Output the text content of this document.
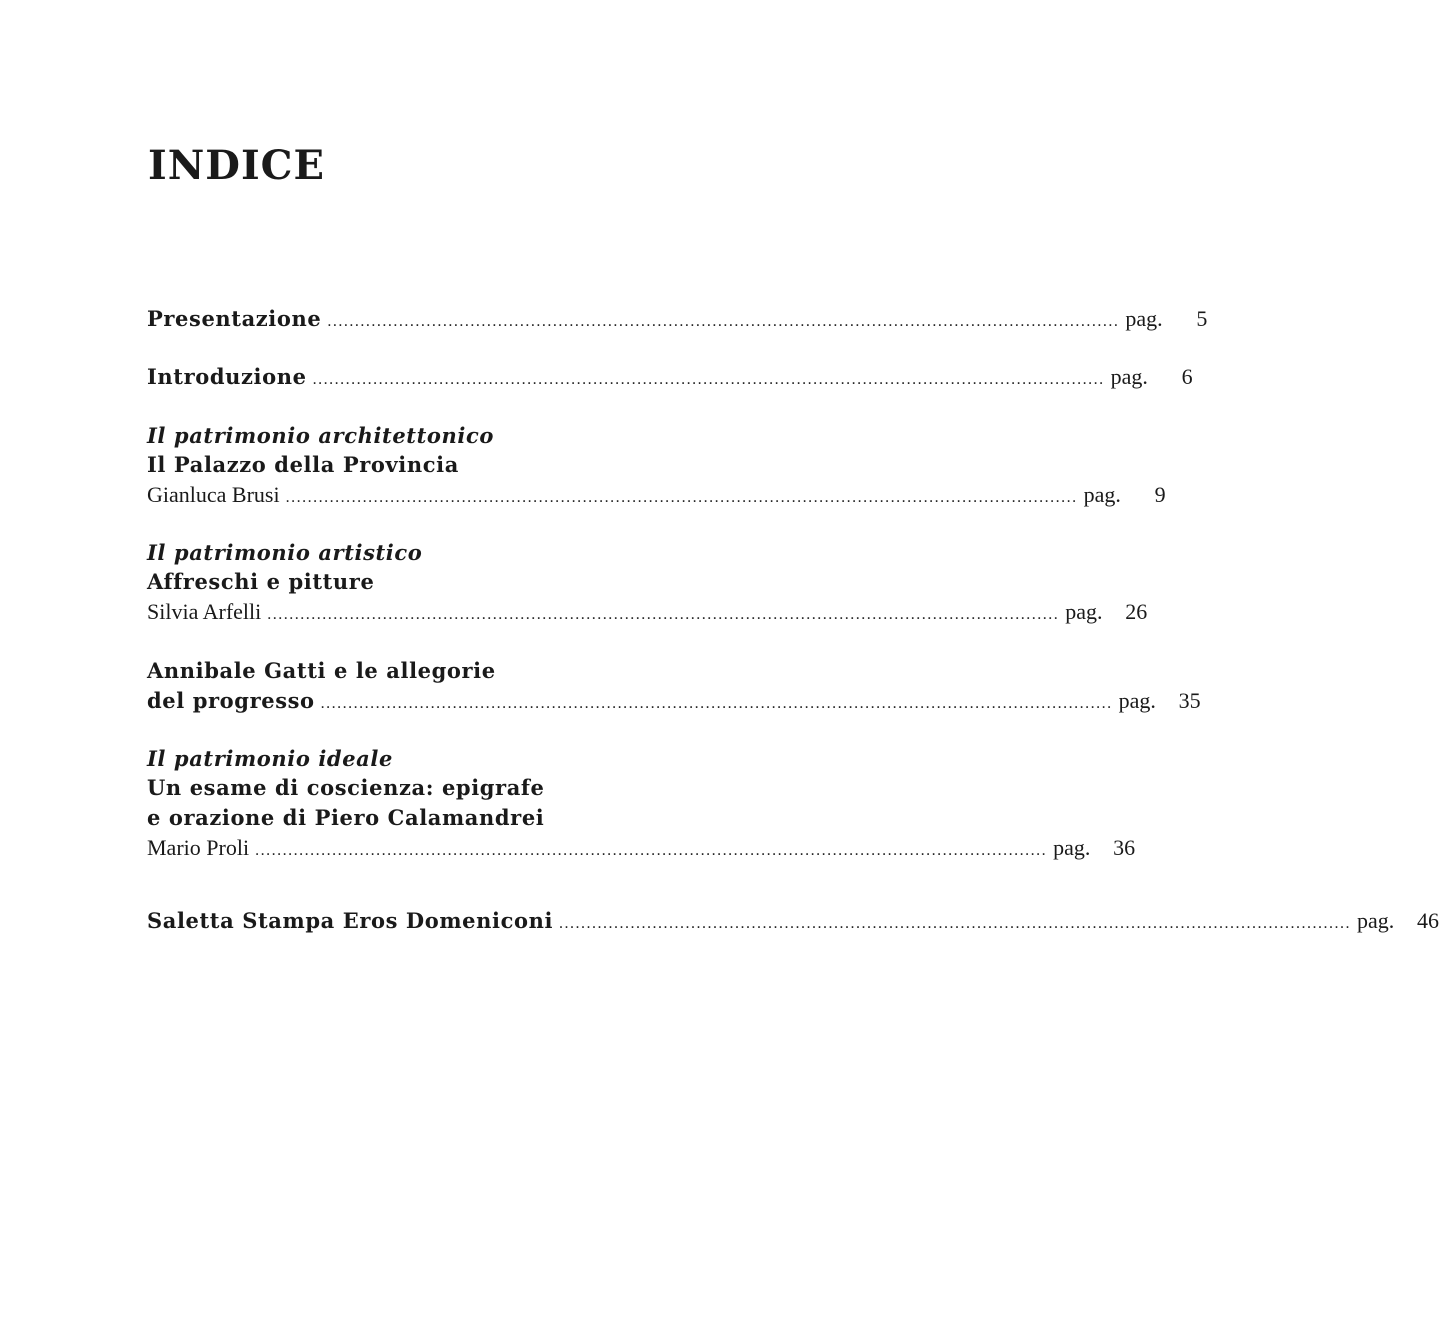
INDICE
Presentazione ................................................................................................................................................ pag.	5
Introduzione ................................................................................................................................................ pag.	6
Il patrimonio architettonico
Il Palazzo della Provincia
Gianluca Brusi ................................................................................................................................................ pag.	9
Il patrimonio artistico
Affreschi e pitture
Silvia Arfelli ................................................................................................................................................ pag.	26
Annibale Gatti e le allegorie
del progresso ................................................................................................................................................ pag.	35
Il patrimonio ideale
Un esame di coscienza: epigrafe
e orazione di Piero Calamandrei
Mario Proli ................................................................................................................................................ pag.	36
Saletta Stampa Eros Domeniconi ................................................................................................................................................ pag.	46
